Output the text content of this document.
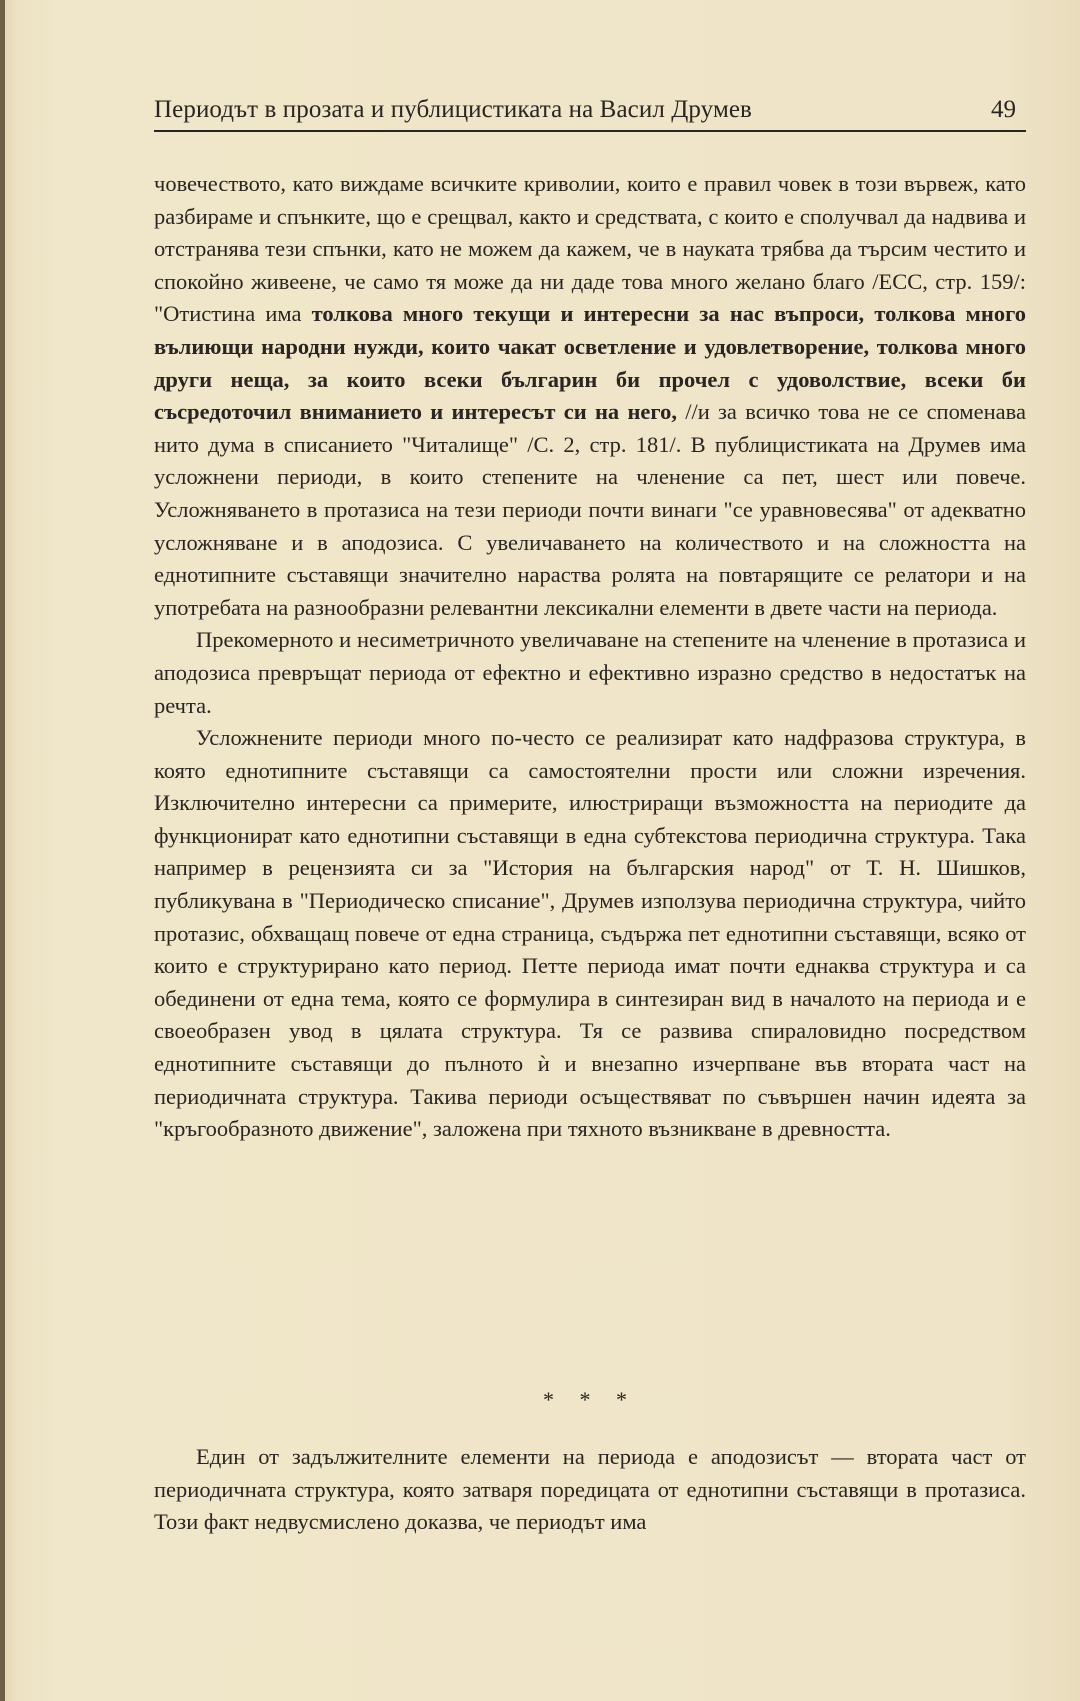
Периодът в прозата и публицистиката на Васил Друмев	49

човечеството, като виждаме всичките криволии, които е правил човек в този вървеж, като разбираме и спънките, що е срещвал, както и средствата, с които е сполучвал да надвива и отстранява тези спънки, като не можем да кажем, че в науката трябва да търсим честито и спокойно живеене, че само тя може да ни даде това много желано благо /ЕСС, стр. 159/: "Отистина има толкова много текущи и интересни за нас въпроси, толкова много вълиющи народни нужди, които чакат осветление и удовлетворение, толкова много други неща, за които всеки българин би прочел с удоволствие, всеки би съсредоточил вниманието и интересът си на него, //и за всичко това не се споменава нито дума в списанието "Читалище" /С. 2, стр. 181/. В публицистиката на Друмев има усложнени периоди, в които степените на членение са пет, шест или повече. Усложняването в протазиса на тези периоди почти винаги "се уравновесява" от адекватно усложняване и в аподозиса. С увеличаването на количеството и на сложността на еднотипните съставящи значително нараства ролята на повтарящите се релатори и на употребата на разнообразни релевантни лексикални елементи в двете части на периода.

Прекомерното и несиметричното увеличаване на степените на членение в протазиса и аподозиса превръщат периода от ефектно и ефективно изразно средство в недостатък на речта.

Усложнените периоди много по-често се реализират като надфразова структура, в която еднотипните съставящи са самостоятелни прости или сложни изречения. Изключително интересни са примерите, илюстриращи възможността на периодите да функционират като еднотипни съставящи в една субтекстова периодична структура. Така например в рецензията си за "История на българския народ" от Т. Н. Шишков, публикувана в "Периодическо списание", Друмев използува периодична структура, чийто протазис, обхващащ повече от една страница, съдържа пет еднотипни съставящи, всяко от които е структурирано като период. Петте периода имат почти еднаква структура и са обединени от една тема, която се формулира в синтезиран вид в началото на периода и е своеобразен увод в цялата структура. Тя се развива спираловидно посредством еднотипните съставящи до пълното ѝ и внезапно изчерпване във втората част на периодичната структура. Такива периоди осъществяват по съвършен начин идеята за "кръгообразното движение", заложена при тяхното възникване в древността.

* * *

Един от задължителните елементи на периода е аподозисът — втората част от периодичната структура, която затваря поредицата от еднотипни съставящи в протазиса. Този факт недвусмислено доказва, че периодът има
